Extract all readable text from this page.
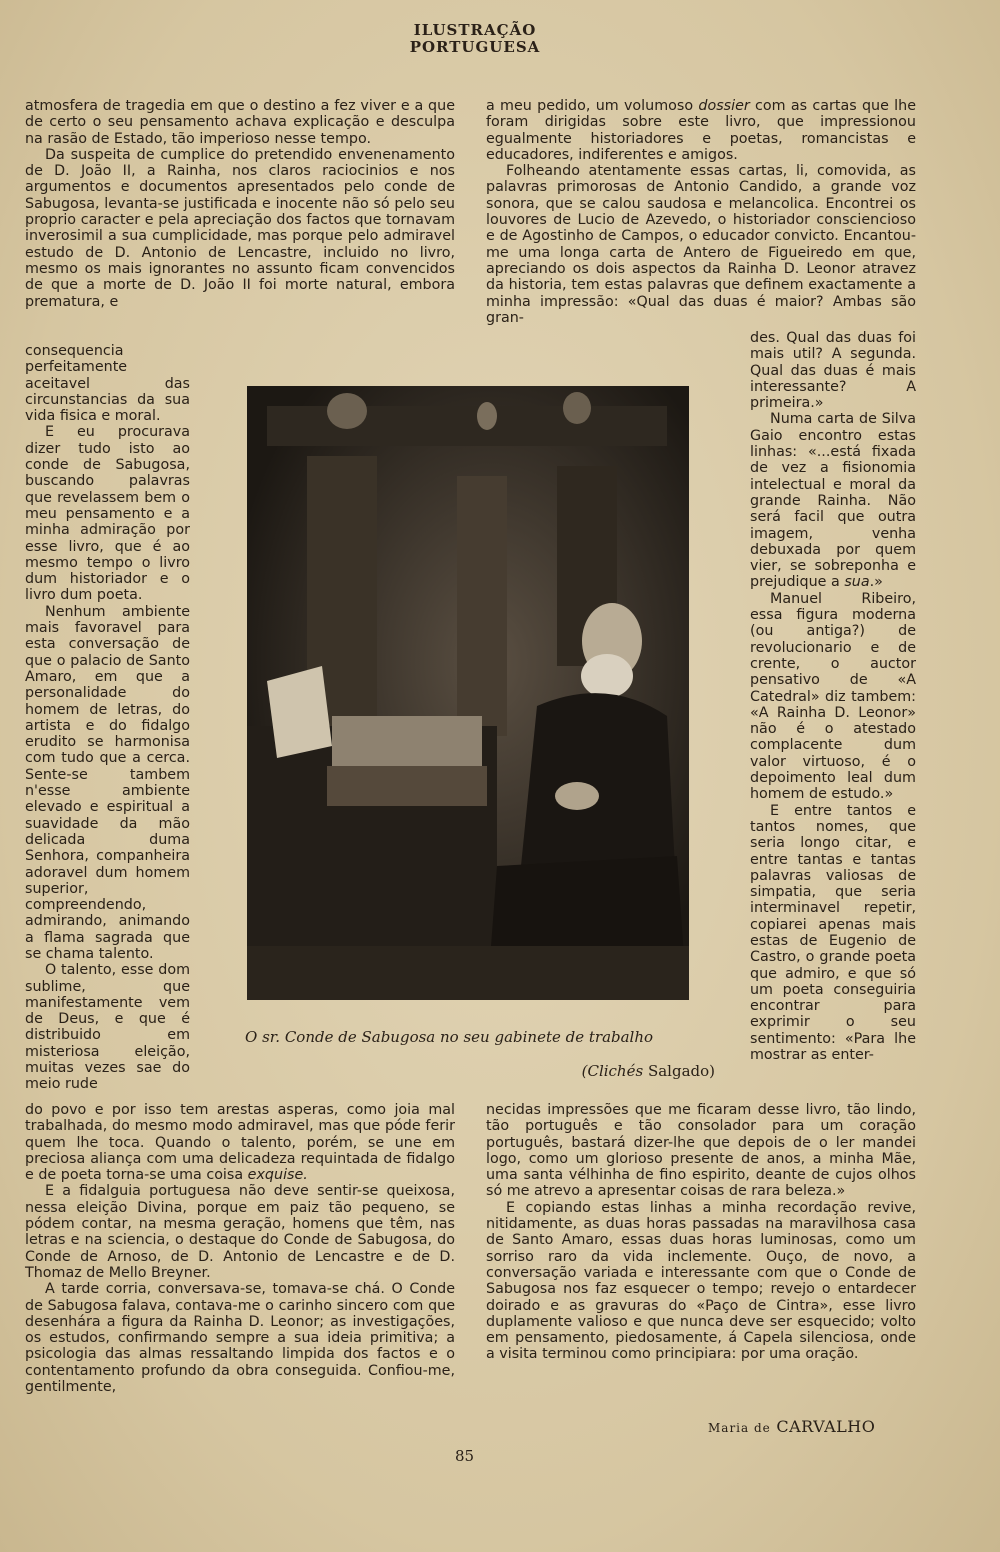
ILUSTRAÇÃO
PORTUGUESA

atmosfera de tragedia em que o destino a fez viver e a que de certo o seu pensamento achava explicação e desculpa na rasão de Estado, tão imperioso nesse tempo.

Da suspeita de cumplice do pretendido envenenamento de D. João II, a Rainha, nos claros raciocinios e nos argumentos e documentos apresentados pelo conde de Sabugosa, levanta-se justificada e inocente não só pelo seu proprio caracter e pela apreciação dos factos que tornavam inverosimil a sua cumplicidade, mas porque pelo admiravel estudo de D. Antonio de Lencastre, incluido no livro, mesmo os mais ignorantes no assunto ficam convencidos de que a morte de D. João II foi morte natural, embora prematura, e

consequencia perfeitamente aceitavel das circunstancias da sua vida fisica e moral.

E eu procurava dizer tudo isto ao conde de Sabugosa, buscando palavras que revelassem bem o meu pensamento e a minha admiração por esse livro, que é ao mesmo tempo o livro dum historiador e o livro dum poeta.

Nenhum ambiente mais favoravel para esta conversação de que o palacio de Santo Amaro, em que a personalidade do homem de letras, do artista e do fidalgo erudito se harmonisa com tudo que a cerca. Sente-se tambem n'esse ambiente elevado e espiritual a suavidade da mão delicada duma Senhora, companheira adoravel dum homem superior, compreendendo, admirando, animando a flama sagrada que se chama talento.

O talento, esse dom sublime, que manifestamente vem de Deus, e que é distribuido em misteriosa eleição, muitas vezes sae do meio rude

do povo e por isso tem arestas asperas, como joia mal trabalhada, do mesmo modo admiravel, mas que póde ferir quem lhe toca. Quando o talento, porém, se une em preciosa aliança com uma delicadeza requintada de fidalgo e de poeta torna-se uma coisa exquise.

E a fidalguia portuguesa não deve sentir-se queixosa, nessa eleição Divina, porque em paiz tão pequeno, se pódem contar, na mesma geração, homens que têm, nas letras e na sciencia, o destaque do Conde de Sabugosa, do Conde de Arnoso, de D. Antonio de Lencastre e de D. Thomaz de Mello Breyner.

A tarde corria, conversava-se, tomava-se chá. O Conde de Sabugosa falava, contava-me o carinho sincero com que desenhára a figura da Rainha D. Leonor; as investigações, os estudos, confirmando sempre a sua ideia primitiva; a psicologia das almas ressaltando limpida dos factos e o contentamento profundo da obra conseguida. Confiou-me, gentilmente,

a meu pedido, um volumoso dossier com as cartas que lhe foram dirigidas sobre este livro, que impressionou egualmente historiadores e poetas, romancistas e educadores, indiferentes e amigos.

Folheando atentamente essas cartas, li, comovida, as palavras primorosas de Antonio Candido, a grande voz sonora, que se calou saudosa e melancolica. Encontrei os louvores de Lucio de Azevedo, o historiador consciencioso e de Agostinho de Campos, o educador convicto. Encantou-me uma longa carta de Antero de Figueiredo em que, apreciando os dois aspectos da Rainha D. Leonor atravez da historia, tem estas palavras que definem exactamente a minha impressão: «Qual das duas é maior? Ambas são gran-

des. Qual das duas foi mais util? A segunda. Qual das duas é mais interessante? A primeira.»

Numa carta de Silva Gaio encontro estas linhas: «...está fixada de vez a fisionomia intelectual e moral da grande Rainha. Não será facil que outra imagem, venha debuxada por quem vier, se sobreponha e prejudique a sua.»

Manuel Ribeiro, essa figura moderna (ou antiga?) de revolucionario e de crente, o auctor pensativo de «A Catedral» diz tambem: «A Rainha D. Leonor» não é o atestado complacente dum valor virtuoso, é o depoimento leal dum homem de estudo.»

E entre tantos e tantos nomes, que seria longo citar, e entre tantas e tantas palavras valiosas de simpatia, que seria interminavel repetir, copiarei apenas mais estas de Eugenio de Castro, o grande poeta que admiro, e que só um poeta conseguiria encontrar para exprimir o seu sentimento: «Para lhe mostrar as enter-

necidas impressões que me ficaram desse livro, tão lindo, tão português e tão consolador para um coração português, bastará dizer-lhe que depois de o ler mandei logo, como um glorioso presente de anos, a minha Mãe, uma santa vélhinha de fino espirito, deante de cujos olhos só me atrevo a apresentar coisas de rara beleza.»

E copiando estas linhas a minha recordação revive, nitidamente, as duas horas passadas na maravilhosa casa de Santo Amaro, essas duas horas luminosas, como um sorriso raro da vida inclemente. Ouço, de novo, a conversação variada e interessante com que o Conde de Sabugosa nos faz esquecer o tempo; revejo o entardecer doirado e as gravuras do «Paço de Cintra», esse livro duplamente valioso e que nunca deve ser esquecido; volto em pensamento, piedosamente, á Capela silenciosa, onde a visita terminou como principiara: por uma oração.

O sr. Conde de Sabugosa no seu gabinete de trabalho
(Clichés Salgado)
Maria de CARVALHO
85
